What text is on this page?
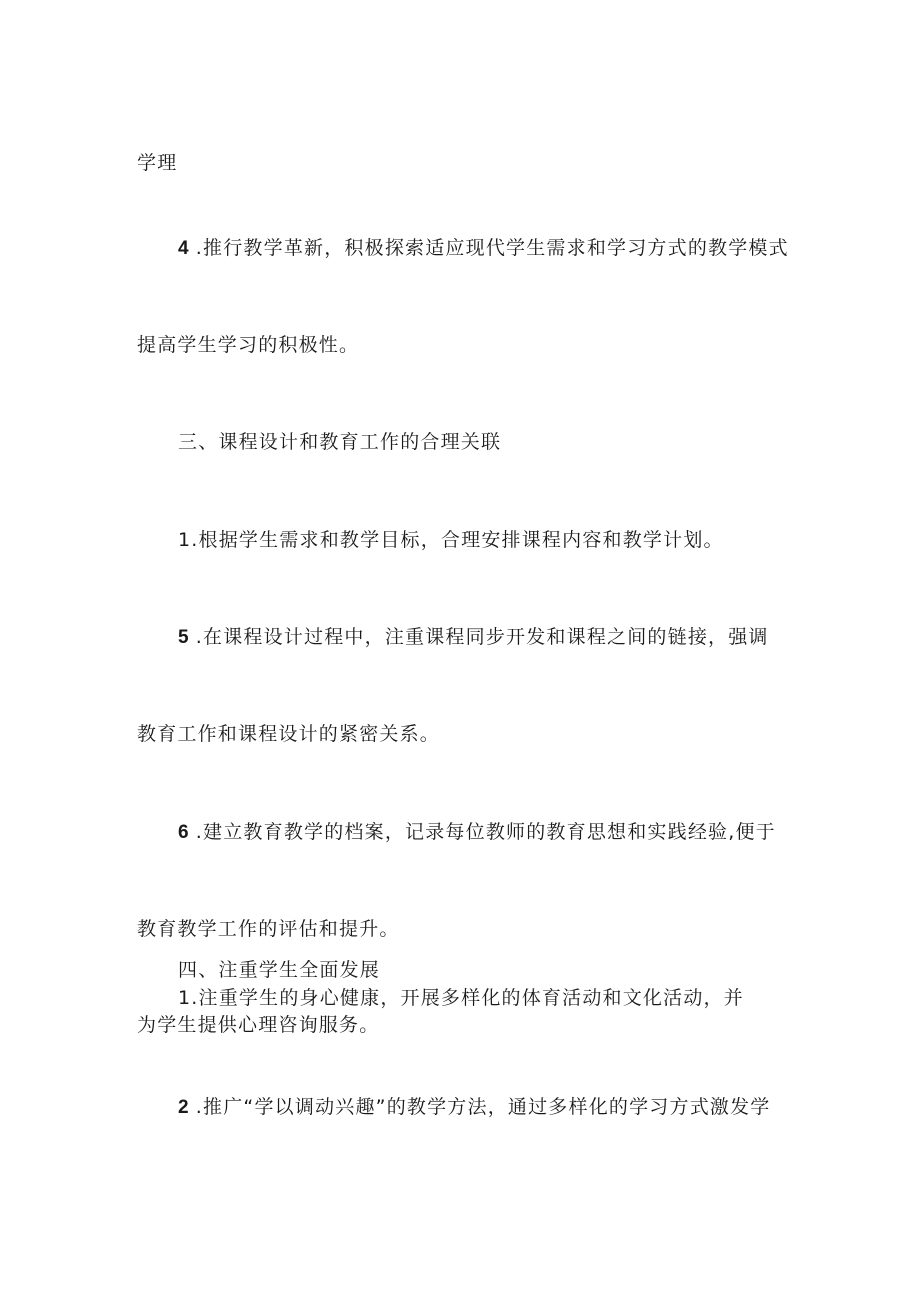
学理
4 .推行教学革新，积极探索适应现代学生需求和学习方式的教学模式
提高学生学习的积极性。
三、课程设计和教育工作的合理关联
1.根据学生需求和教学目标，合理安排课程内容和教学计划。
5 .在课程设计过程中，注重课程同步开发和课程之间的链接，强调
教育工作和课程设计的紧密关系。
6 .建立教育教学的档案，记录每位教师的教育思想和实践经验,便于
教育教学工作的评估和提升。
四、注重学生全面发展
1.注重学生的身心健康，开展多样化的体育活动和文化活动，并
为学生提供心理咨询服务。
2 .推广“学以调动兴趣”的教学方法，通过多样化的学习方式激发学
